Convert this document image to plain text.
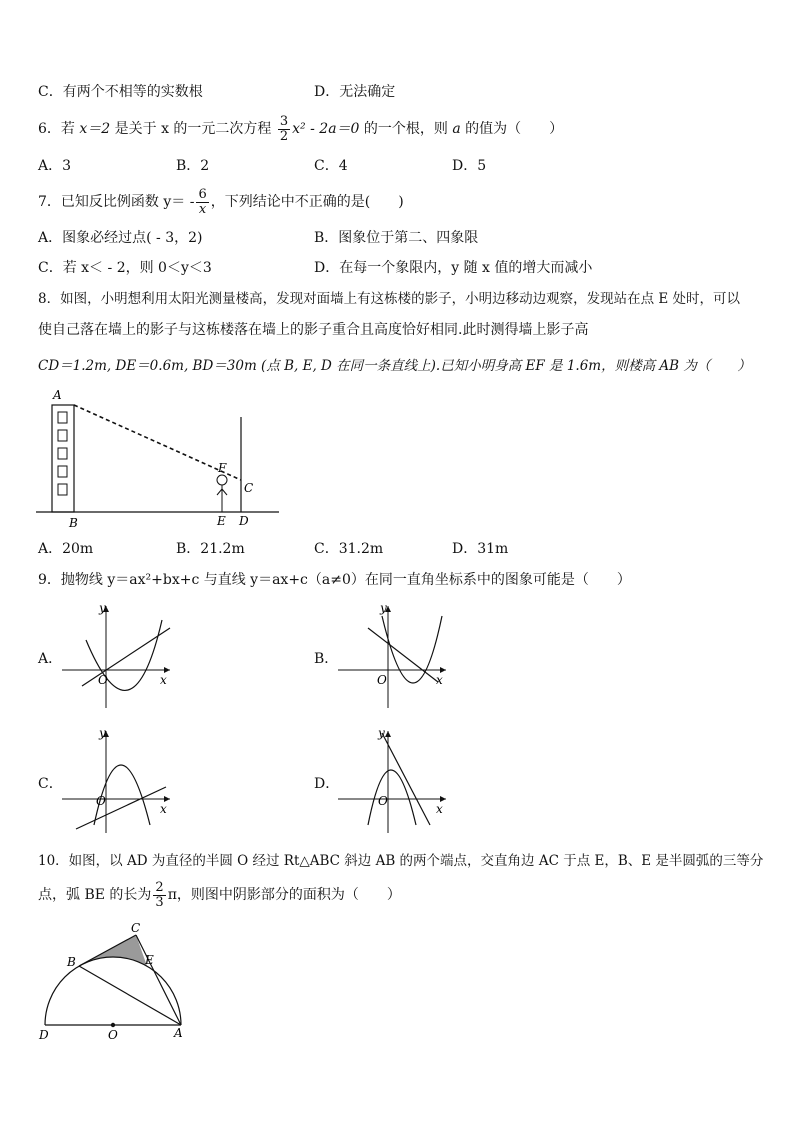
C．有两个不相等的实数根	D．无法确定
6．若 x＝2 是关于 x 的一元二次方程 $\frac{3}{2} x^2 - 2a=0$ 的一个根，则 a 的值为（　　）
A．3	B．2	C．4	D．5
7．已知反比例函数 $y= - \frac{6}{x}$ ，下列结论中不正确的是(　　)
A．图象必经过点( - 3，2)	B．图象位于第二、四象限
C．若 x＜ - 2，则 0＜y＜3	D．在每一个象限内，y 随 x 值的增大而减小
8．如图，小明想利用太阳光测量楼高，发现对面墙上有这栋楼的影子，小明边移动边观察，发现站在点 E 处时，可以
使自己落在墙上的影子与这栋楼落在墙上的影子重合且高度恰好相同.此时测得墙上影子高
CD＝1.2m, DE＝0.6m, BD＝30m (点 B, E, D 在同一条直线上).已知小明身高 EF 是 1.6m，则楼高 AB 为（　　）
A
B
C
D
E
F
A．20m	B．21.2m	C．31.2m	D．31m
9．抛物线 y＝ax²+bx+c 与直线 y＝ax+c（a≠0）在同一直角坐标系中的图象可能是（　　）
A．	B．
C．	D．
y
x
O
y
x
O
y
x
O
y
x
O
10．如图，以 AD 为直径的半圆 O 经过 Rt△ABC 斜边 AB 的两个端点，交直角边 AC 于点 E，B、E 是半圆弧的三等分
点，弧 BE 的长为 $\frac{2}{3}$ π，则图中阴影部分的面积为（　　）
C
B	E
D	O	A
